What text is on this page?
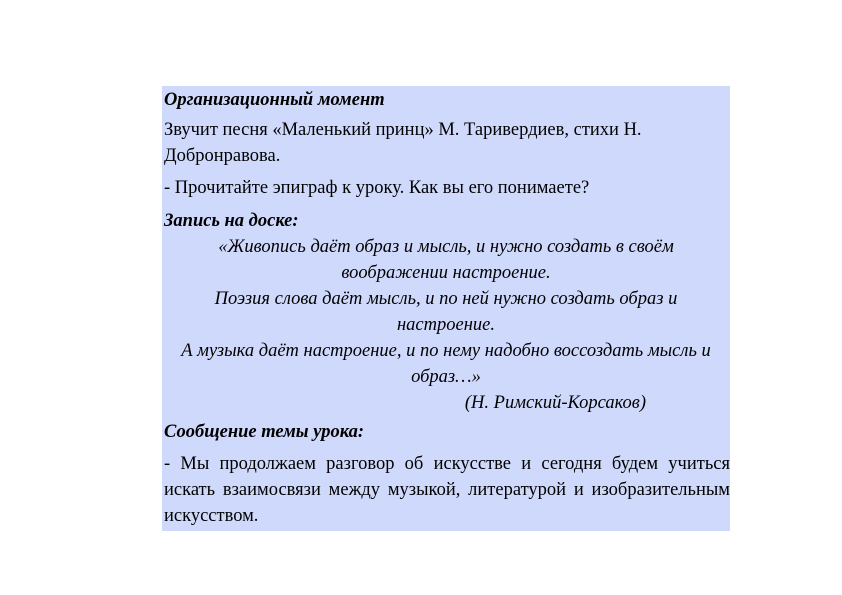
Организационный момент
Звучит песня «Маленький принц» М. Таривердиев, стихи Н. Добронравова.
- Прочитайте эпиграф к уроку. Как вы его понимаете?
Запись на доске:
«Живопись даёт образ и мысль, и нужно создать в своём воображении настроение.
Поэзия слова даёт мысль, и по ней нужно создать образ и настроение.
А музыка даёт настроение, и по нему надобно воссоздать мысль и образ…»
(Н. Римский-Корсаков)
Сообщение темы урока:
- Мы продолжаем разговор об искусстве и сегодня будем учиться искать взаимосвязи между музыкой, литературой и изобразительным искусством.
